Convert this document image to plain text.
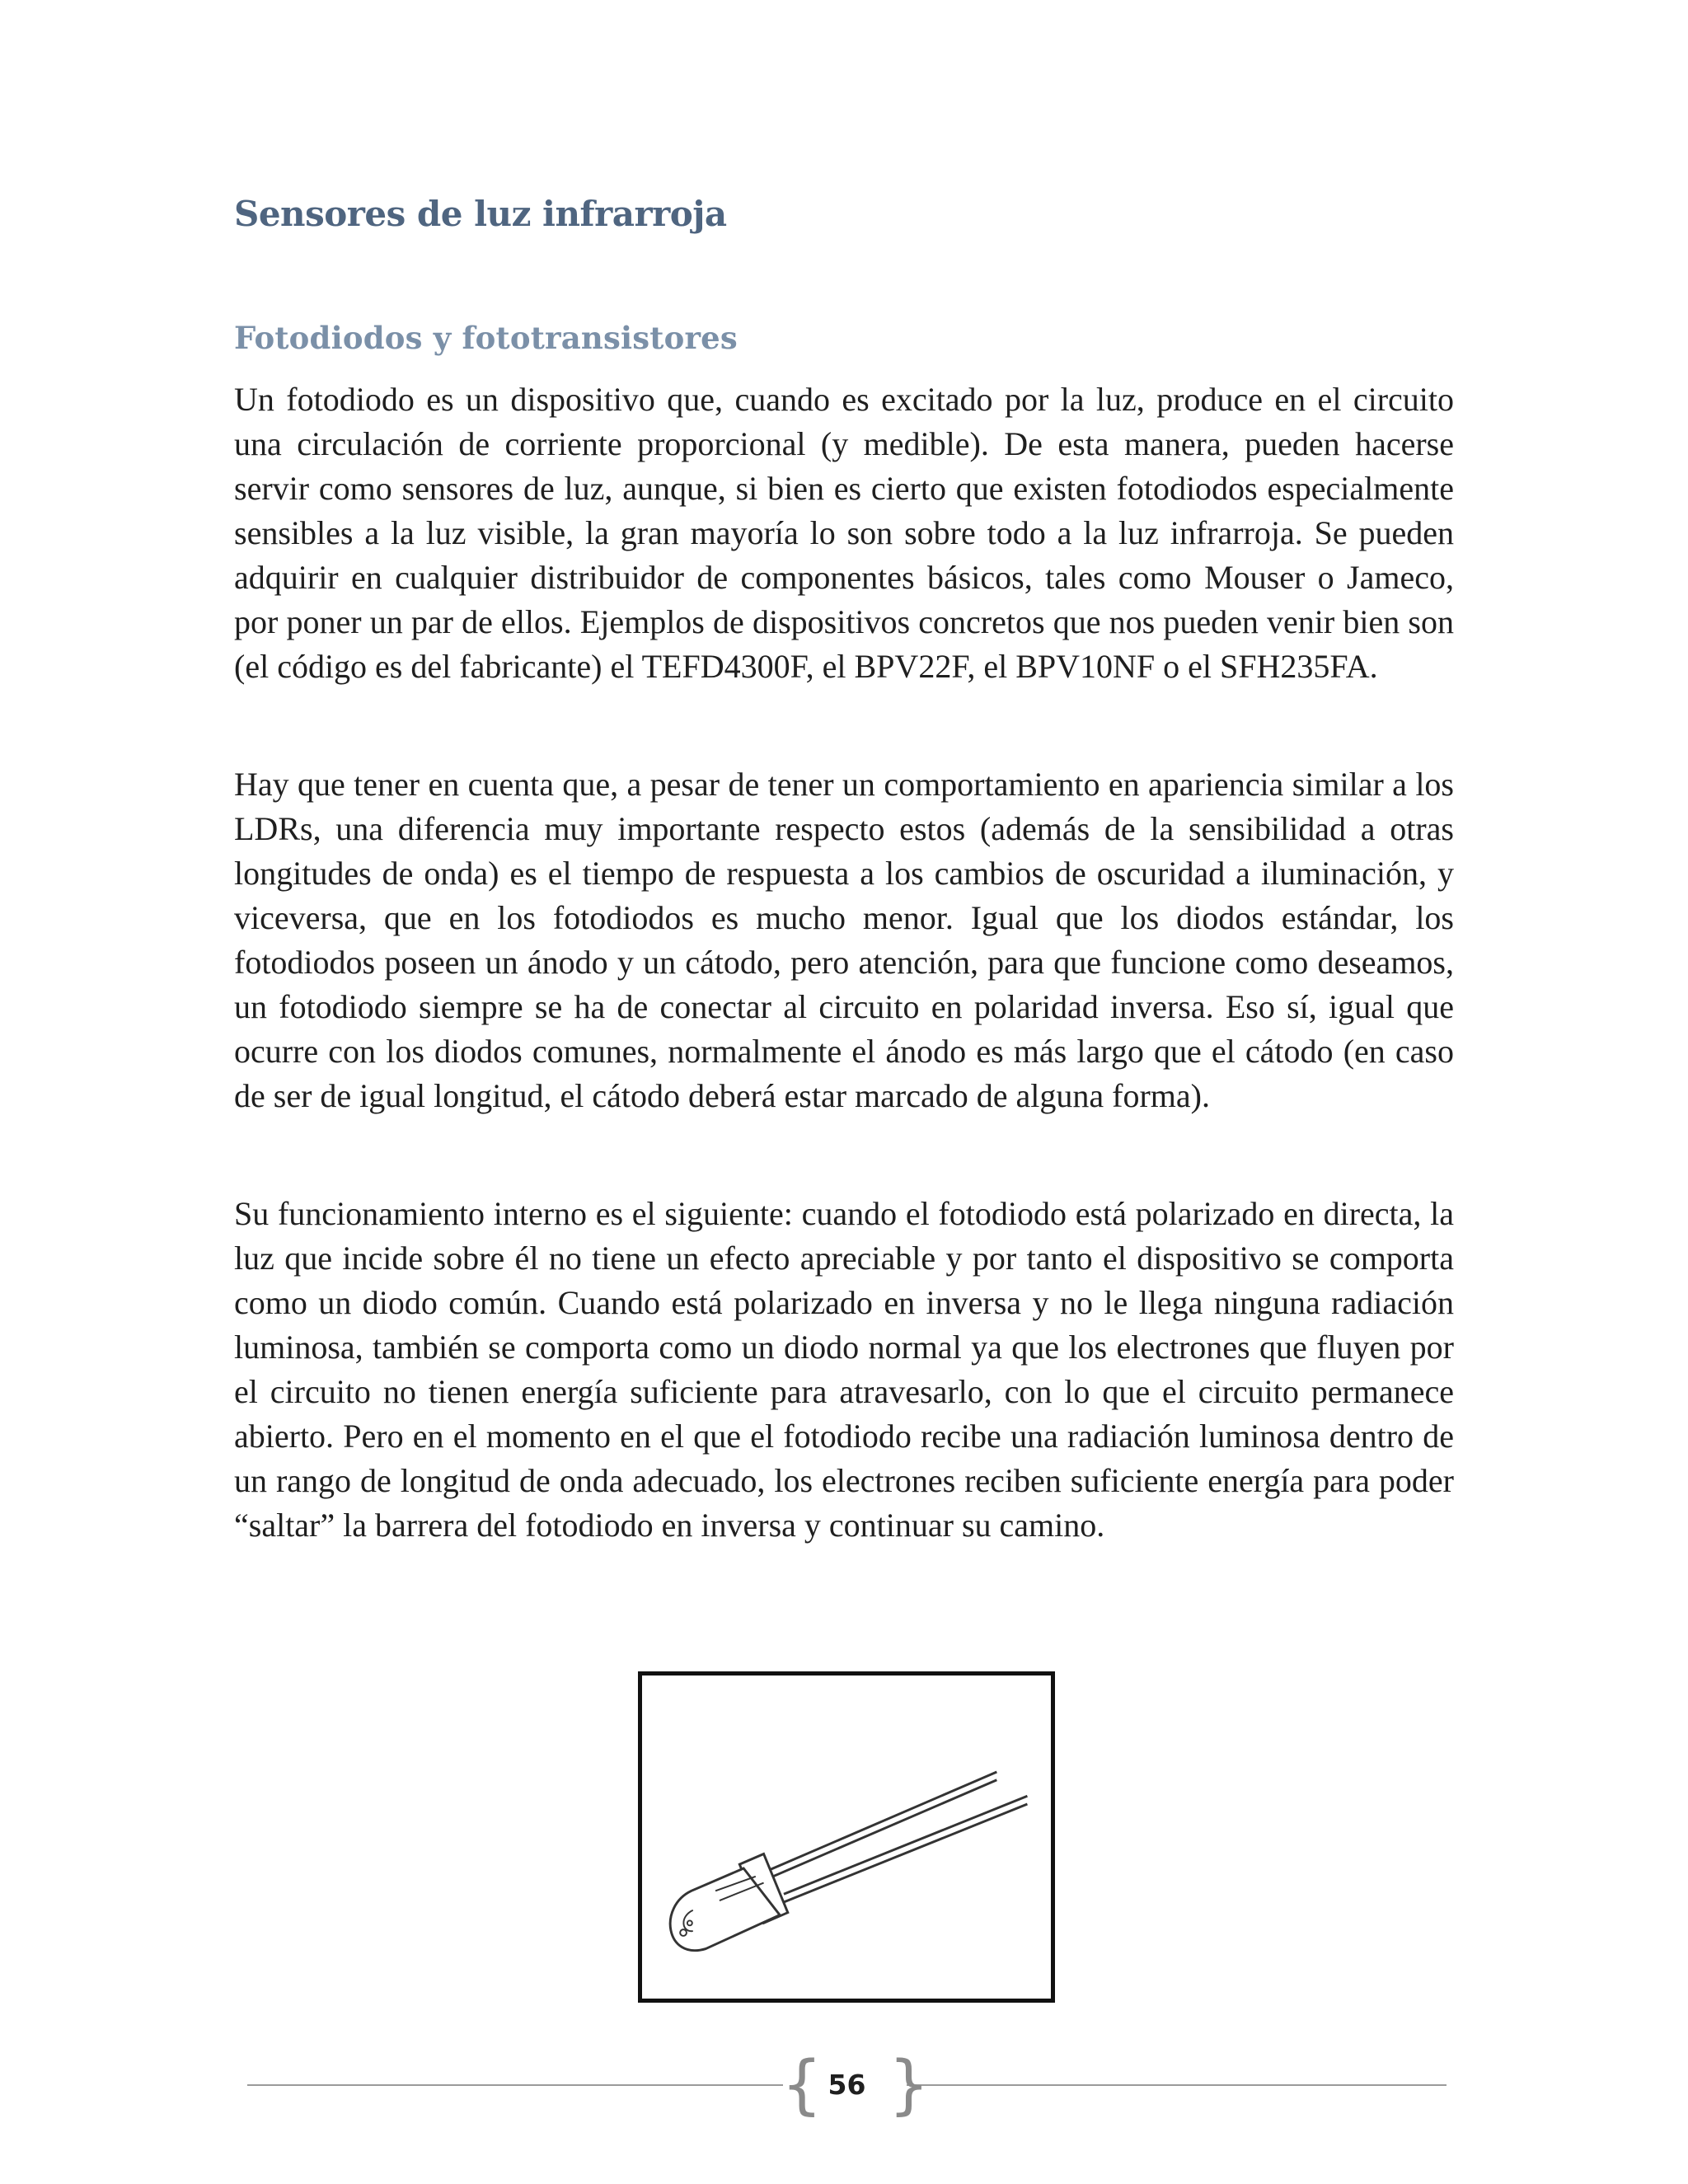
Sensores de luz infrarroja
Fotodiodos y fototransistores

Un fotodiodo es un dispositivo que, cuando es excitado por la luz, produce en el circuito una circulación de corriente proporcional (y medible). De esta manera, pueden hacerse servir como sensores de luz, aunque, si bien es cierto que existen fotodiodos especialmente sensibles a la luz visible, la gran mayoría lo son sobre todo a la luz infrarroja. Se pueden adquirir en cualquier distribuidor de componentes básicos, tales como Mouser o Jameco, por poner un par de ellos. Ejemplos de dispositivos concretos que nos pueden venir bien son (el código es del fabricante) el TEFD4300F, el BPV22F, el BPV10NF o el SFH235FA.

Hay que tener en cuenta que, a pesar de tener un comportamiento en apariencia similar a los LDRs, una diferencia muy importante respecto estos (además de la sensibilidad a otras longitudes de onda) es el tiempo de respuesta a los cambios de oscuridad a iluminación, y viceversa, que en los fotodiodos es mucho menor. Igual que los diodos estándar, los fotodiodos poseen un ánodo y un cátodo, pero atención, para que funcione como deseamos, un fotodiodo siempre se ha de conectar al circuito en polaridad inversa. Eso sí, igual que ocurre con los diodos comunes, normalmente el ánodo es más largo que el cátodo (en caso de ser de igual longitud, el cátodo deberá estar marcado de alguna forma).

Su funcionamiento interno es el siguiente: cuando el fotodiodo está polarizado en directa, la luz que incide sobre él no tiene un efecto apreciable y por tanto el dispositivo se comporta como un diodo común. Cuando está polarizado en inversa y no le llega ninguna radiación luminosa, también se comporta como un diodo normal ya que los electrones que fluyen por el circuito no tienen energía suficiente para atravesarlo, con lo que el circuito permanece abierto. Pero en el momento en el que el fotodiodo recibe una radiación luminosa dentro de un rango de longitud de onda adecuado, los electrones reciben suficiente energía para poder “saltar” la barrera del fotodiodo en inversa y continuar su camino.

{ 56 }
